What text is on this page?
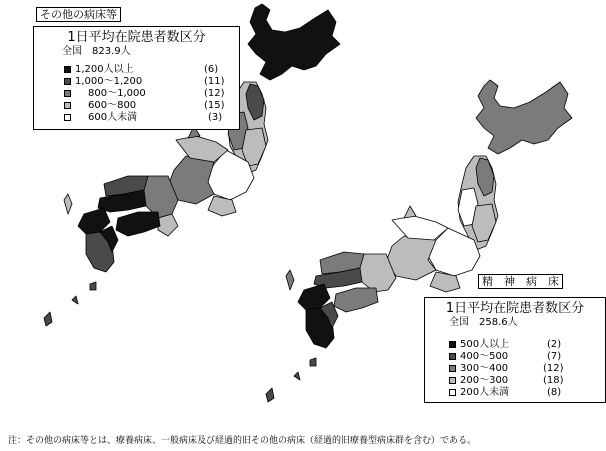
その他の病床等
1日平均在院患者数区分
全国　823.9人
1,200人以上	(6)
1,000～1,200	(11)
800～1,000	(12)
600～800	(15)
600人未満	(3)
精　神　病　床
1日平均在院患者数区分
全国　258.6人
500人以上	(2)
400～500	(7)
300～400	(12)
200～300	(18)
200人未満	(8)
注：その他の病床等とは、療養病床、一般病床及び経過的旧その他の病床（経過的旧療養型病床群を含む）である。
